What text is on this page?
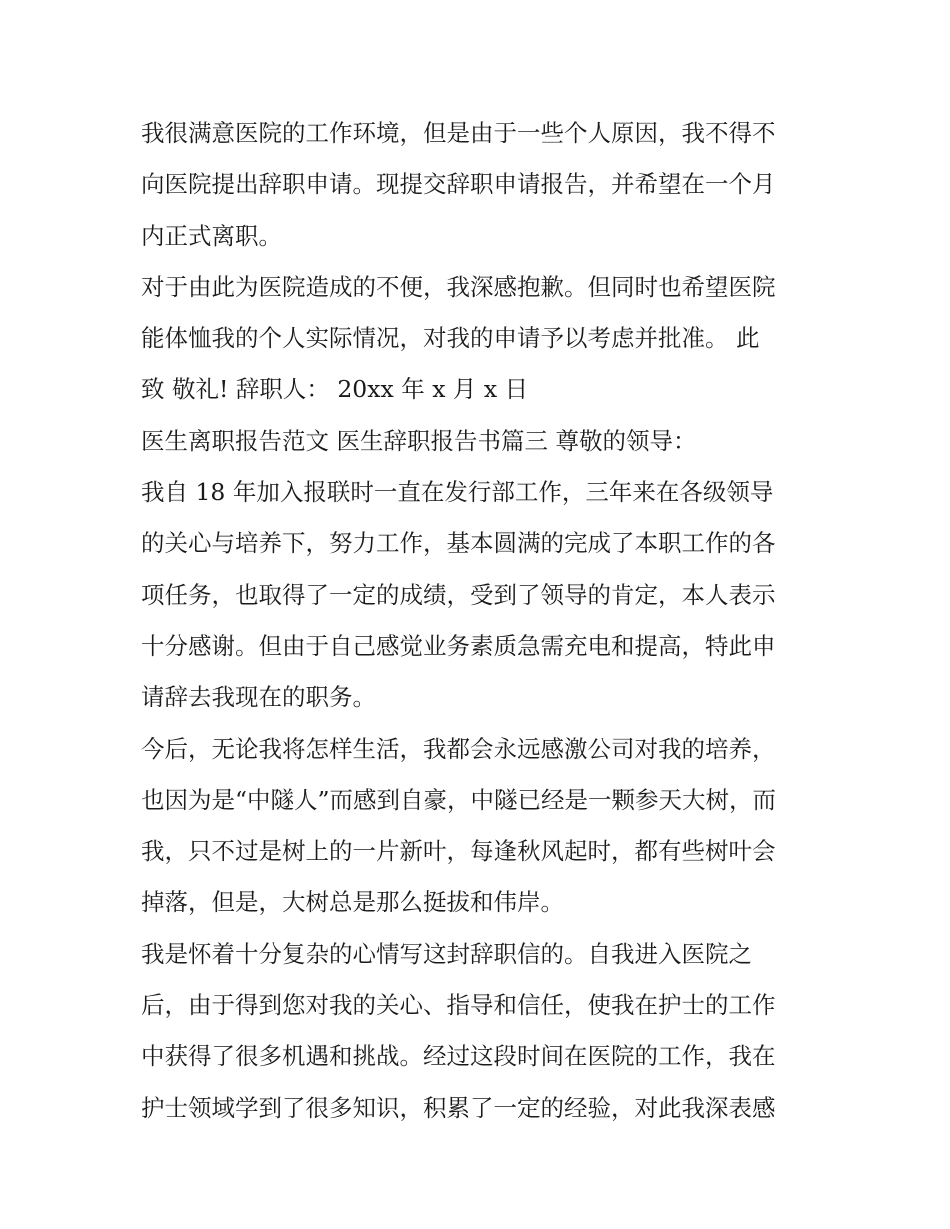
我很满意医院的工作环境，但是由于一些个人原因，我不得不
向医院提出辞职申请。现提交辞职申请报告，并希望在一个月
内正式离职。
对于由此为医院造成的不便，我深感抱歉。但同时也希望医院
能体恤我的个人实际情况，对我的申请予以考虑并批准。 此
致 敬礼! 辞职人： 20xx 年 x 月 x 日
医生离职报告范文 医生辞职报告书篇三 尊敬的领导：
我自 18 年加入报联时一直在发行部工作，三年来在各级领导
的关心与培养下，努力工作，基本圆满的完成了本职工作的各
项任务，也取得了一定的成绩，受到了领导的肯定，本人表示
十分感谢。但由于自己感觉业务素质急需充电和提高，特此申
请辞去我现在的职务。
今后，无论我将怎样生活，我都会永远感激公司对我的培养，
也因为是“中隧人”而感到自豪，中隧已经是一颗参天大树，而
我，只不过是树上的一片新叶，每逢秋风起时，都有些树叶会
掉落，但是，大树总是那么挺拔和伟岸。
我是怀着十分复杂的心情写这封辞职信的。自我进入医院之
后，由于得到您对我的关心、指导和信任，使我在护士的工作
中获得了很多机遇和挑战。经过这段时间在医院的工作，我在
护士领域学到了很多知识，积累了一定的经验，对此我深表感
